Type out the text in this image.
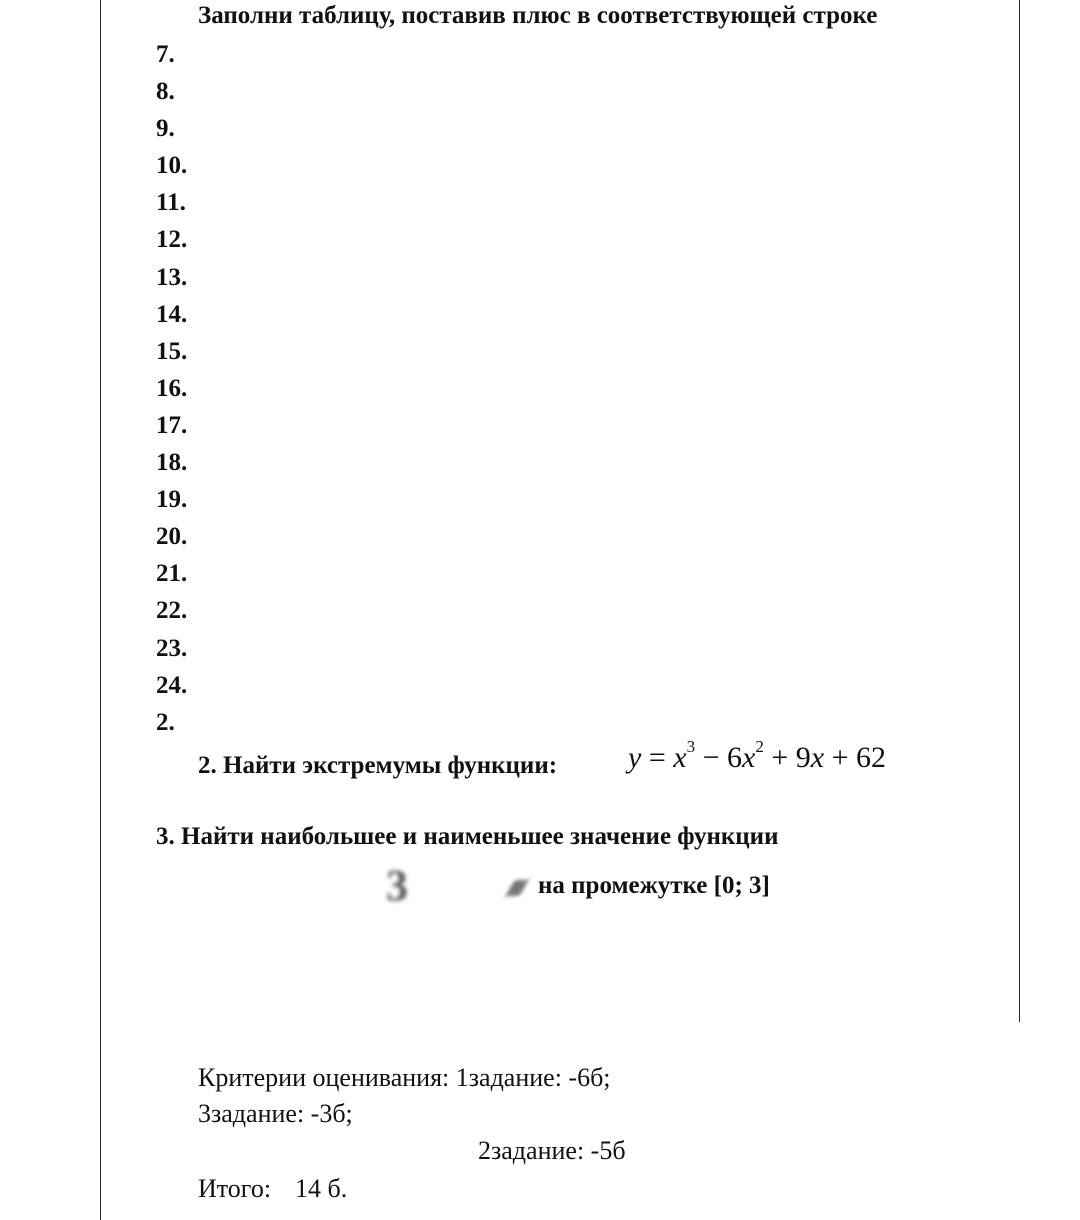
Заполни таблицу, поставив плюс в соответствующей строке
7.
8.
9.
10.
11.
12.
13.
14.
15.
16.
17.
18.
19.
20.
21.
22.
23.
24.
2.
2. Найти экстремумы функции: $y = x^3 - 6x^2 + 9x + 62$
3. Найти наибольшее и наименьшее значение функции
3	на промежутке [0; 3]
Критерии оценивания: 1задание: -6б;
3задание: -3б;
2задание: -5б
Итого: 14 б.
